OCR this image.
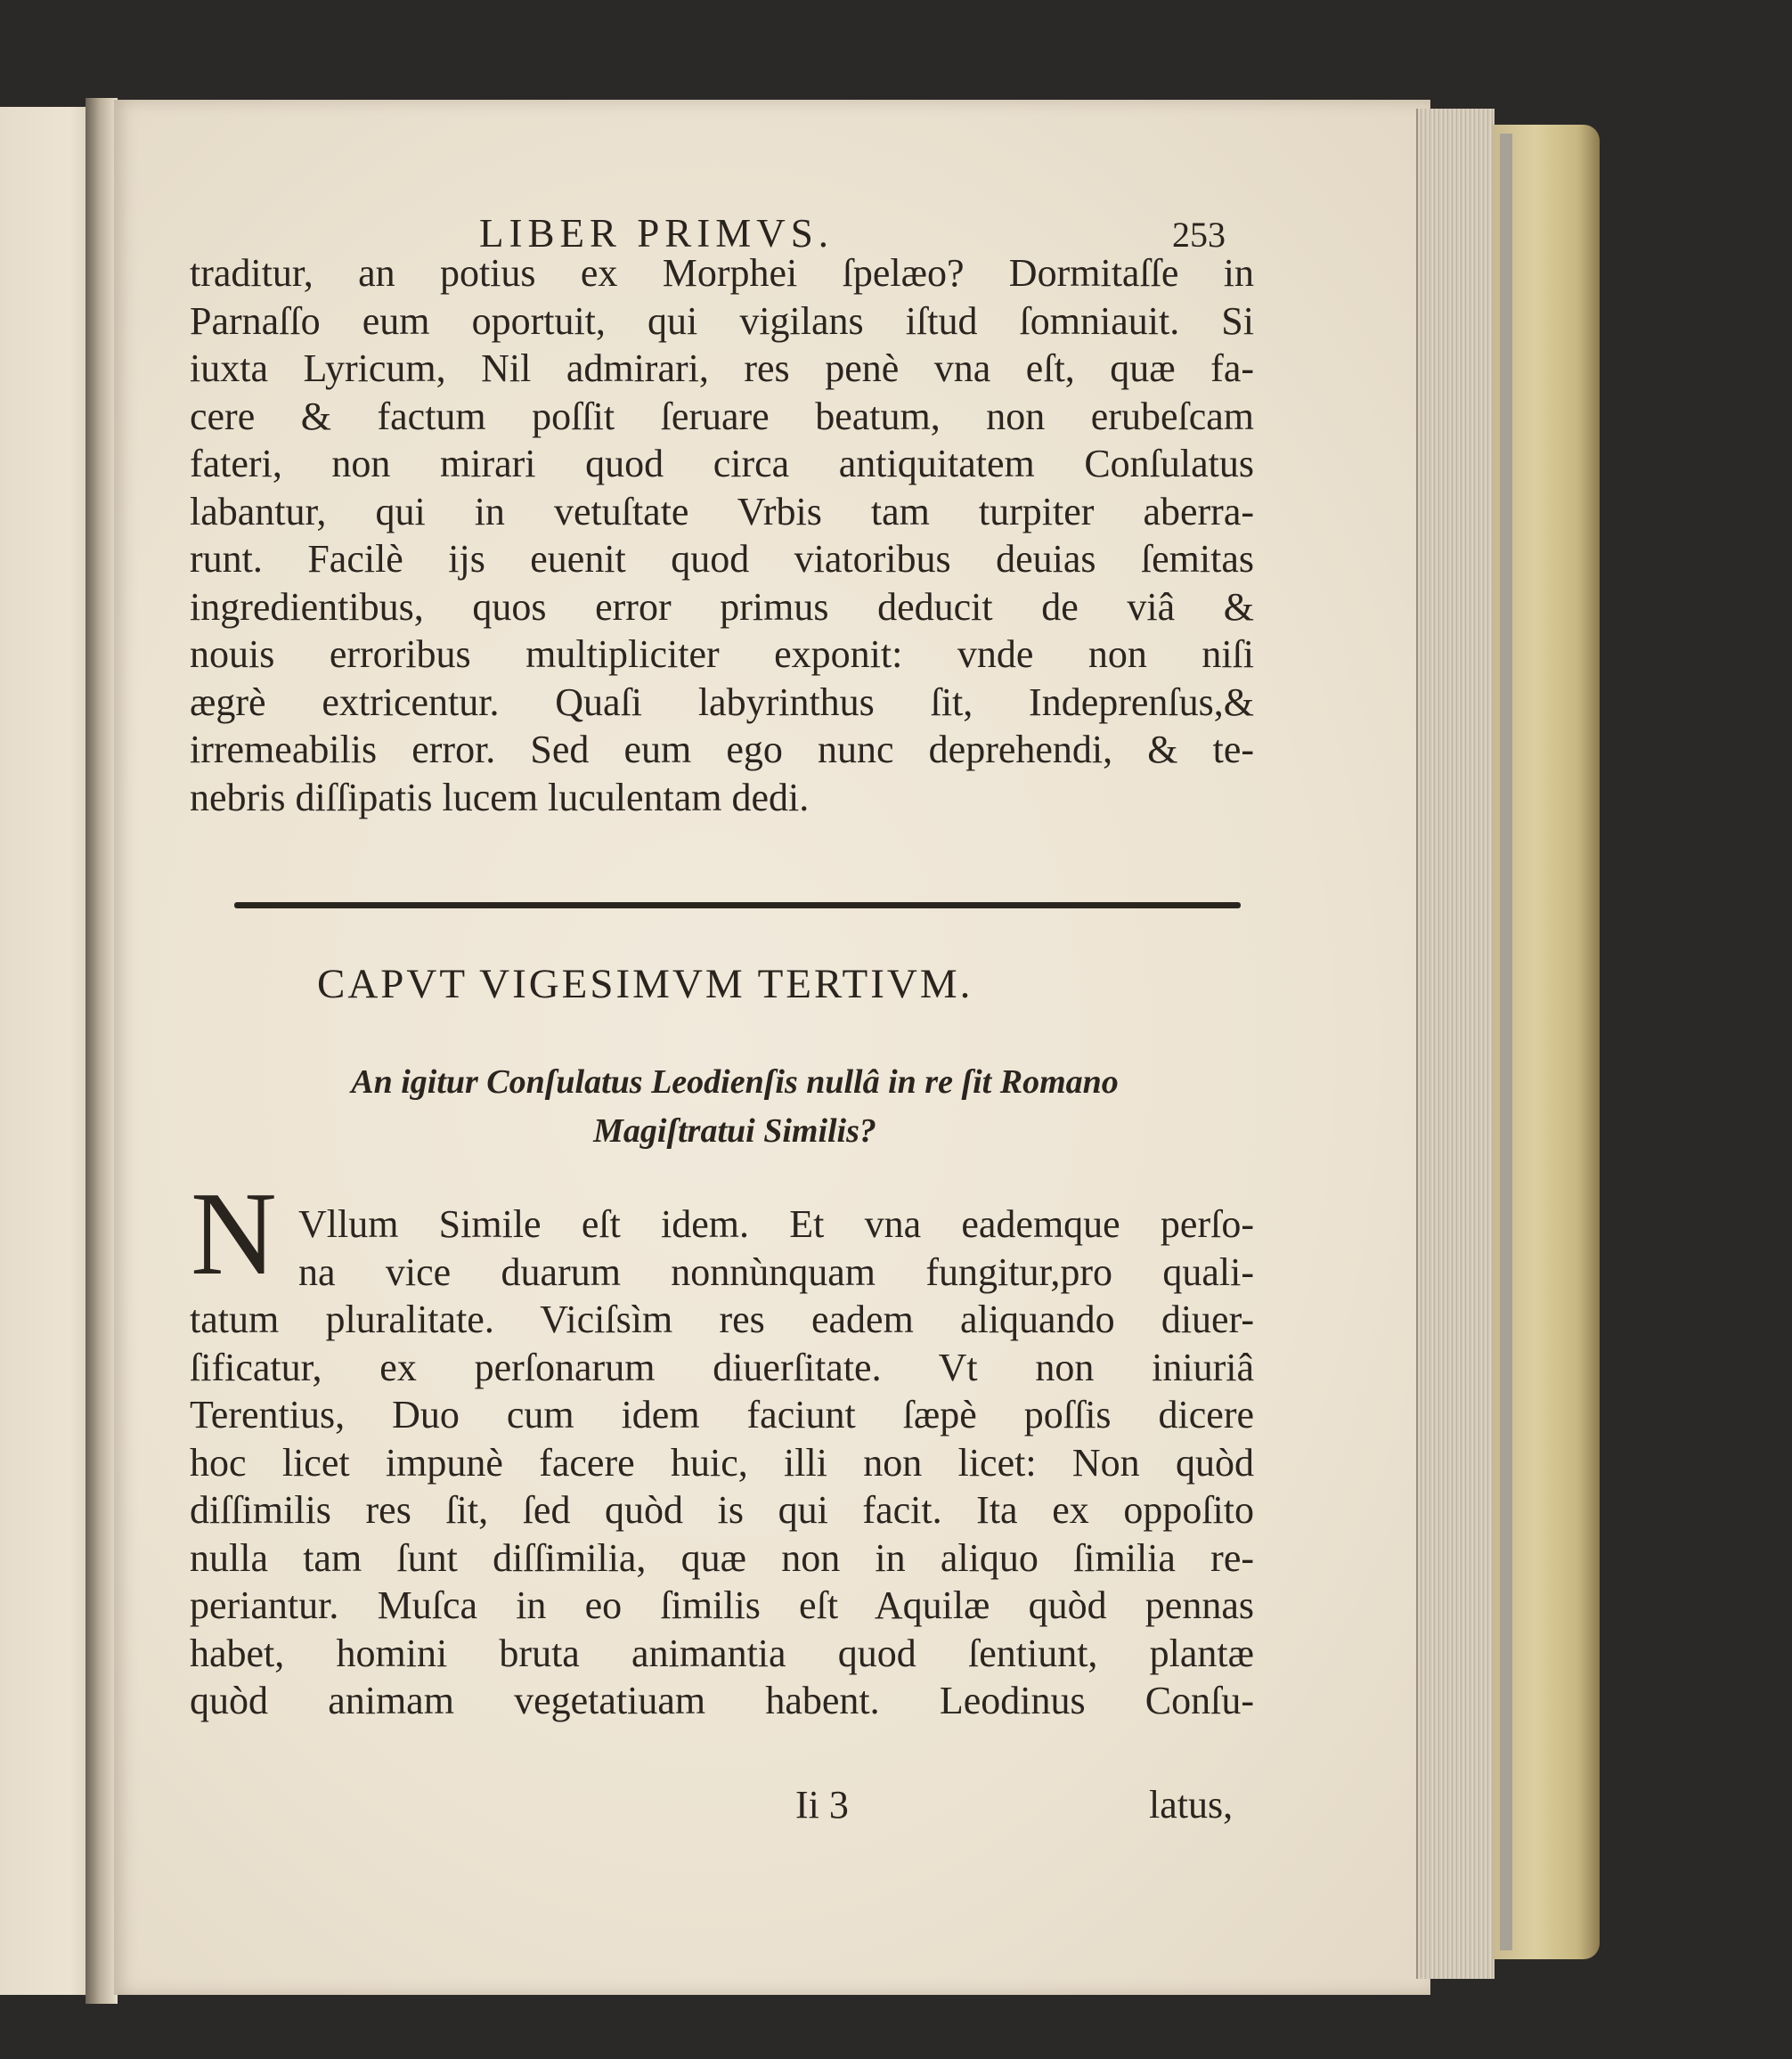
LIBER PRIMVS.	253
traditur, an potius ex Morphei ſpelæo? Dormitaſſe in
Parnaſſo eum oportuit, qui vigilans iſtud ſomniauit. Si
iuxta Lyricum, Nil admirari, res penè vna eſt, quæ fa-
cere & factum poſſit ſeruare beatum, non erubeſcam
fateri, non mirari quod circa antiquitatem Conſulatus
labantur, qui in vetuſtate Vrbis tam turpiter aberra-
runt. Facilè ijs euenit quod viatoribus deuias ſemitas
ingredientibus, quos error primus deducit de viâ &
nouis erroribus multipliciter exponit: vnde non niſi
ægrè extricentur. Quaſi labyrinthus ſit, Indeprenſus,&
irremeabilis error. Sed eum ego nunc deprehendi, & te-
nebris diſſipatis lucem luculentam dedi.
CAPVT VIGESIMVM TERTIVM.
An igitur Conſulatus Leodienſis nullâ in re ſit Romano
Magiſtratui Similis?
N Vllum Simile eſt idem. Et vna eademque perſo-
na vice duarum nonnùnquam fungitur,pro quali-
tatum pluralitate. Viciſsìm res eadem aliquando diuer-
ſificatur, ex perſonarum diuerſitate. Vt non iniuriâ
Terentius, Duo cum idem faciunt ſæpè poſſis dicere
hoc licet impunè facere huic, illi non licet: Non quòd
diſſimilis res ſit, ſed quòd is qui facit. Ita ex oppoſito
nulla tam ſunt diſſimilia, quæ non in aliquo ſimilia re-
periantur. Muſca in eo ſimilis eſt Aquilæ quòd pennas
habet, homini bruta animantia quod ſentiunt, plantæ
quòd animam vegetatiuam habent. Leodinus Conſu-
Ii 3	latus,
